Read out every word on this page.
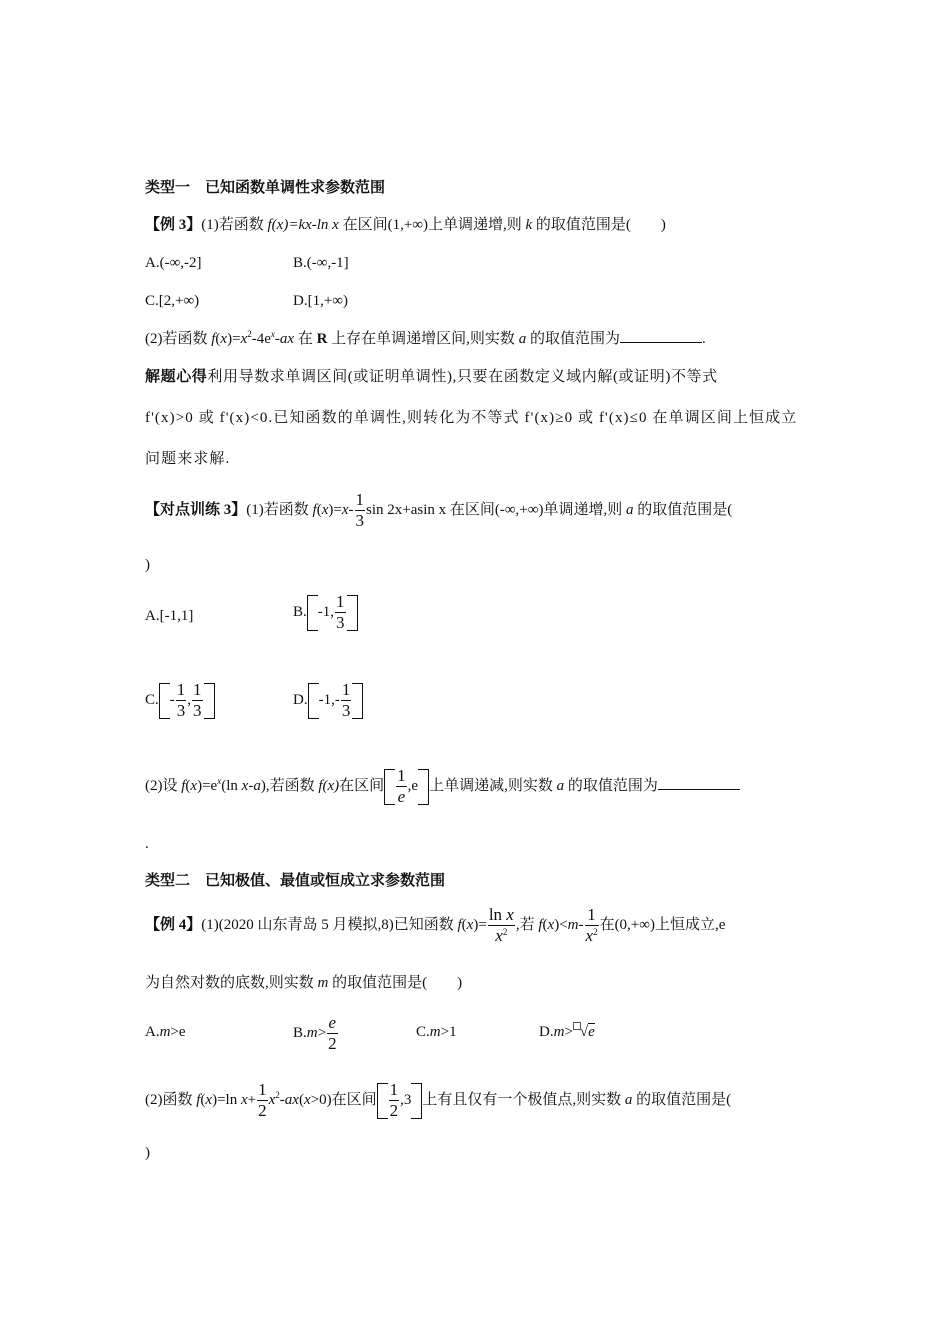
类型一　已知函数单调性求参数范围
【例 3】(1)若函数 f(x)=kx-ln x 在区间(1,+∞)上单调递增,则 k 的取值范围是(　　)
A.(-∞,-2]	B.(-∞,-1]
C.[2,+∞)	D.[1,+∞)
(2)若函数 $f(x)=x^2-4e^x-ax$ 在 R 上存在单调递增区间,则实数 a 的取值范围为	.
解题心得利用导数求单调区间(或证明单调性),只要在函数定义域内解(或证明)不等式
f'(x)>0 或 f'(x)<0.已知函数的单调性,则转化为不等式 f'(x)≥0 或 f'(x)≤0 在单调区间上恒成立
问题来求解.
【对点训练 3】(1)若函数 $f(x)=x- \frac{1}{3}$ sin 2x+asin x 在区间(-∞,+∞)单调递增,则 a 的取值范围是(
)
A.[-1,1]	B. -1, $\frac{1}{3}$
C. - $\frac{1}{3}$ , $\frac{1}{3}$	D. $-1,- \frac{1}{3}$
(2)设 $f(x)=e^x(\ln$ x-a),若函数 f(x)在区间 $\frac{1}{e} ,e$ 上单调递减,则实数 a 的取值范围为
.
类型二　已知极值、最值或恒成立求参数范围
【例 4】(1)(2020 山东青岛 5 月模拟,8)已知函数 $f(x)= \frac{\text{ln x}}{x^2}$ ,若 $f(x)<m- \frac{1}{x^2}$ 在(0,+∞)上恒成立,e
为自然对数的底数,则实数 m 的取值范围是(　　)
A.m>e	$B.m> \frac{e}{2}$	C.m>1	D.m> √e
(2)函数 f(x)=ln $x+ \frac{1}{2} x^2-ax(x>0)$在区间 $\frac{1}{2} ,3$ 上有且仅有一个极值点,则实数 a 的取值范围是(
)
